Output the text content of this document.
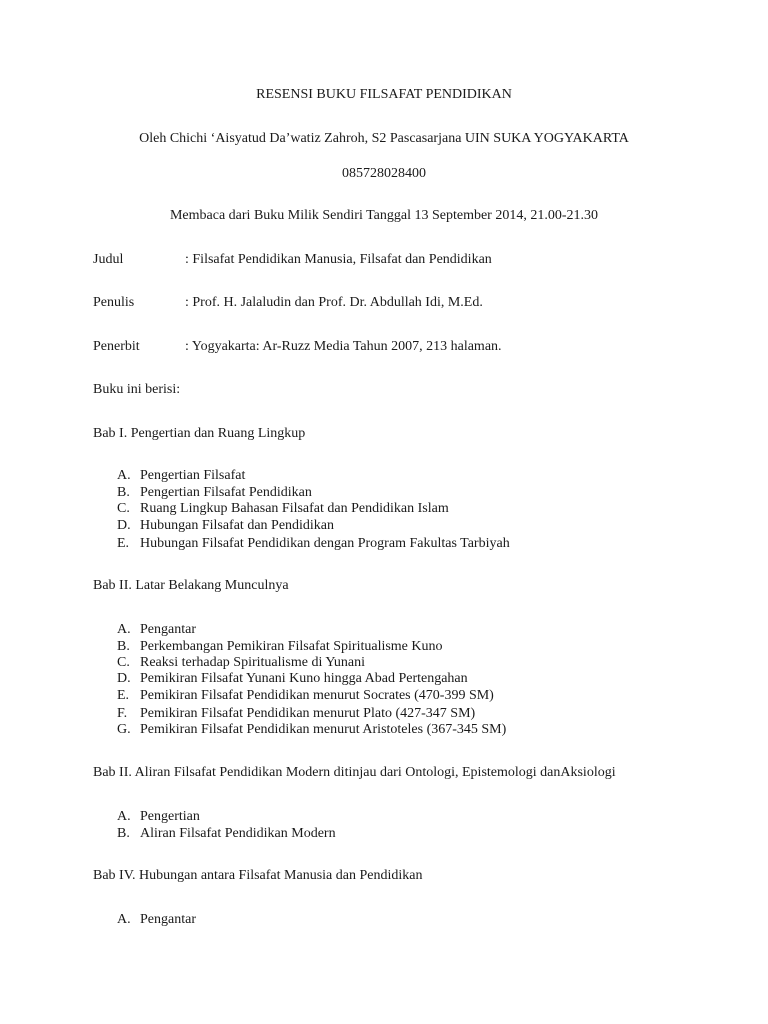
RESENSI BUKU FILSAFAT PENDIDIKAN
Oleh Chichi ‘Aisyatud Da’watiz Zahroh, S2 Pascasarjana UIN SUKA YOGYAKARTA
085728028400
Membaca dari Buku Milik Sendiri Tanggal 13 September 2014, 21.00-21.30
Judul	: Filsafat Pendidikan Manusia, Filsafat dan Pendidikan
Penulis	: Prof. H. Jalaludin dan Prof. Dr. Abdullah Idi, M.Ed.
Penerbit	: Yogyakarta: Ar-Ruzz Media Tahun 2007, 213 halaman.
Buku ini berisi:
Bab I. Pengertian dan Ruang Lingkup
A. Pengertian Filsafat
B. Pengertian Filsafat Pendidikan
C. Ruang Lingkup Bahasan Filsafat dan Pendidikan Islam
D. Hubungan Filsafat dan Pendidikan
E. Hubungan Filsafat Pendidikan dengan Program Fakultas Tarbiyah
Bab II. Latar Belakang Munculnya
A. Pengantar
B. Perkembangan Pemikiran Filsafat Spiritualisme Kuno
C. Reaksi terhadap Spiritualisme di Yunani
D. Pemikiran Filsafat Yunani Kuno hingga Abad Pertengahan
E. Pemikiran Filsafat Pendidikan menurut Socrates (470-399 SM)
F. Pemikiran Filsafat Pendidikan menurut Plato (427-347 SM)
G. Pemikiran Filsafat Pendidikan menurut Aristoteles (367-345 SM)
Bab II. Aliran Filsafat Pendidikan Modern ditinjau dari Ontologi, Epistemologi danAksiologi
A. Pengertian
B. Aliran Filsafat Pendidikan Modern
Bab IV. Hubungan antara Filsafat Manusia dan Pendidikan
A. Pengantar
